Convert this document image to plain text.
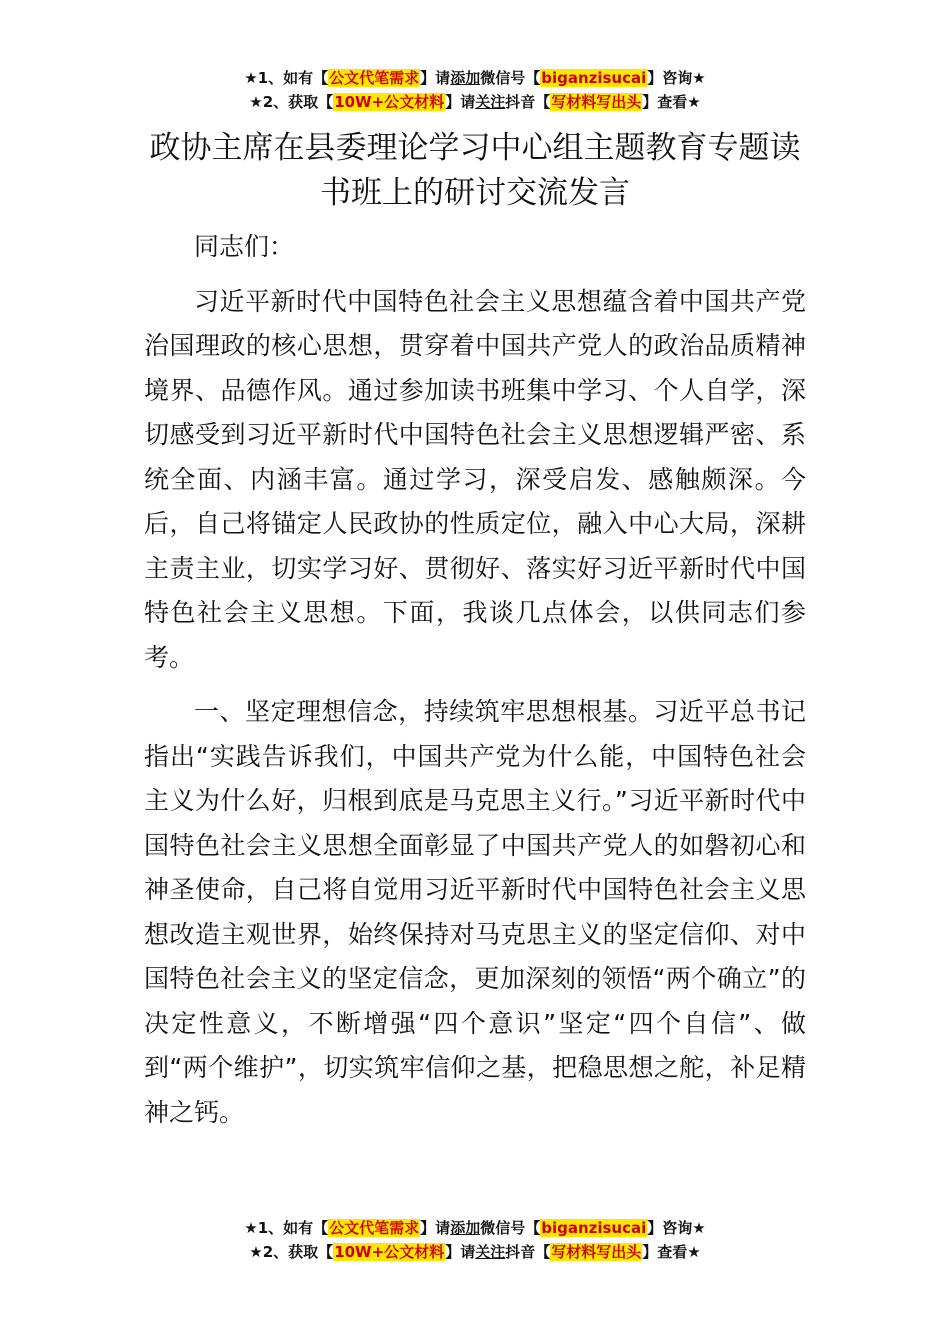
★1、如有【公文代笔需求】请添加微信号【biganzisucai】咨询★
★2、获取【10W+公文材料】请关注抖音【写材料写出头】查看★
政协主席在县委理论学习中心组主题教育专题读书班上的研讨交流发言

同志们：

习近平新时代中国特色社会主义思想蕴含着中国共产党治国理政的核心思想，贯穿着中国共产党人的政治品质精神境界、品德作风。通过参加读书班集中学习、个人自学，深切感受到习近平新时代中国特色社会主义思想逻辑严密、系统全面、内涵丰富。通过学习，深受启发、感触颇深。今后，自己将锚定人民政协的性质定位，融入中心大局，深耕主责主业，切实学习好、贯彻好、落实好习近平新时代中国特色社会主义思想。下面，我谈几点体会，以供同志们参考。

一、坚定理想信念，持续筑牢思想根基。习近平总书记指出“实践告诉我们，中国共产党为什么能，中国特色社会主义为什么好，归根到底是马克思主义行。”习近平新时代中国特色社会主义思想全面彰显了中国共产党人的如磐初心和神圣使命，自己将自觉用习近平新时代中国特色社会主义思想改造主观世界，始终保持对马克思主义的坚定信仰、对中国特色社会主义的坚定信念，更加深刻的领悟“两个确立”的决定性意义，不断增强“四个意识”坚定“四个自信”、做到“两个维护”，切实筑牢信仰之基，把稳思想之舵，补足精神之钙。

★1、如有【公文代笔需求】请添加微信号【biganzisucai】咨询★
★2、获取【10W+公文材料】请关注抖音【写材料写出头】查看★
